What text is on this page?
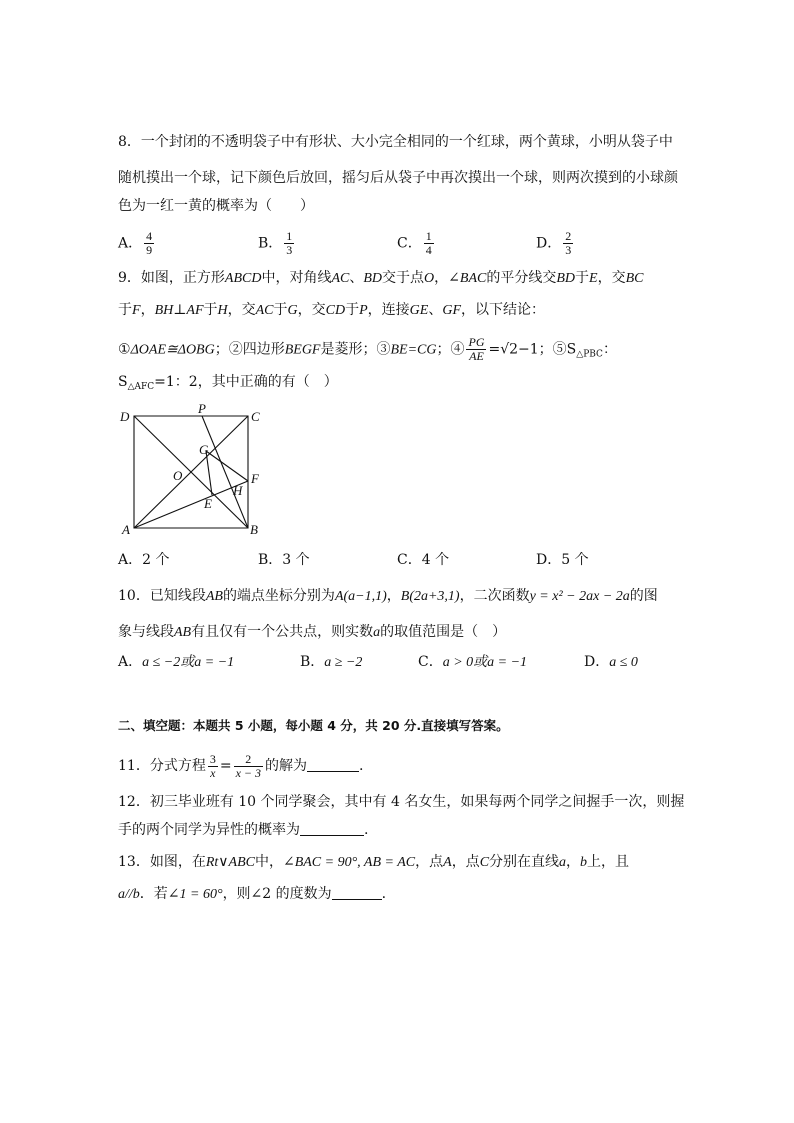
8．一个封闭的不透明袋子中有形状、大小完全相同的一个红球，两个黄球，小明从袋子中
随机摸出一个球，记下颜色后放回，摇匀后从袋子中再次摸出一个球，则两次摸到的小球颜
色为一红一黄的概率为（　　）
A． $\frac{4}{9}$	B． $\frac{1}{3}$	C． $\frac{1}{4}$	D． $\frac{2}{3}$
9．如图，正方形ABCD中，对角线AC、BD交于点O，∠BAC的平分线交BD于E，交BC
于F，BH⊥AF于H，交AC于G，交CD于P，连接GE、GF，以下结论：
①ΔOAE≅ΔOBG；②四边形BEGF是菱形；③BE=CG；④ $\frac{PG}{AE} =√2-1$；$⑤S_{\triangle PBC}$：
$S_{\triangle AFC}=1$：2，其中正确的有（　）
D
P
C
G
O	F
H
E
A	B
A．2 个	B．3 个	C．4 个	D．5 个
10．已知线段AB的端点坐标分别为A(a−1,1)，B(2a+3,1)，二次函数y = x² − 2ax − 2a的图
象与线段AB有且仅有一个公共点，则实数a的取值范围是（　）
A．a ≤ −2或a = −1	B．a ≥ −2	C．a > 0或a = −1	D．a ≤ 0
二、填空题：本题共 5 小题，每小题 4 分，共 20 分.直接填写答案。
11．分式方程 $\frac{3}{x} = \frac{2}{x - 3}$ 的解为	.
12．初三毕业班有 10 个同学聚会，其中有 4 名女生，如果每两个同学之间握手一次，则握
手的两个同学为异性的概率为	.
13．如图，在Rt∨ABC中，∠BAC = 90°, AB = AC，点A，点C分别在直线a，b上，且
a//b．若∠1 = 60°，则∠2 的度数为	.
